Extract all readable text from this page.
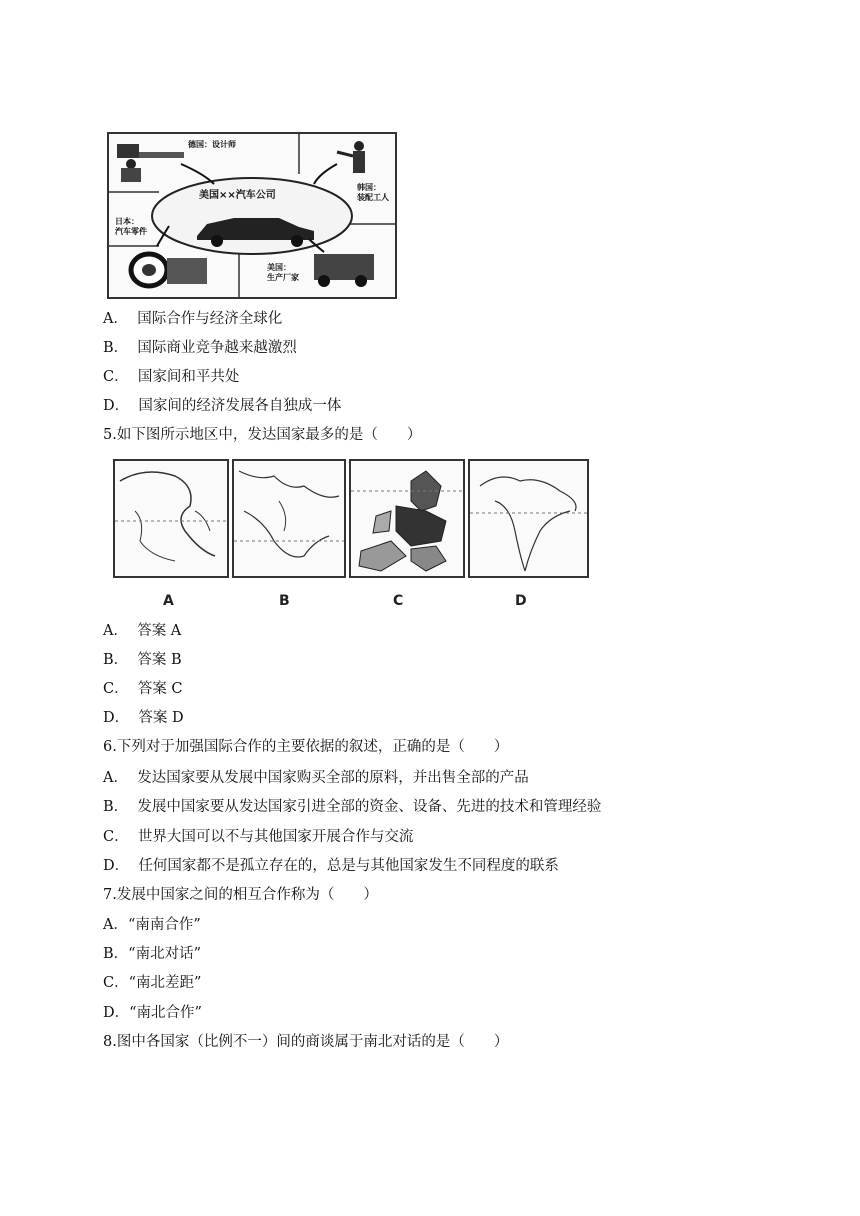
德国：设计师
韩国：
装配工人
日本：
汽车零件
美国：
生产厂家
美国××汽车公司
A． 国际合作与经济全球化
B． 国际商业竞争越来越激烈
C． 国家间和平共处
D． 国家间的经济发展各自独成一体
5.如下图所示地区中，发达国家最多的是（　　）
A	B	C	D
A． 答案 A
B． 答案 B
C． 答案 C
D． 答案 D
6.下列对于加强国际合作的主要依据的叙述，正确的是（　　）
A． 发达国家要从发展中国家购买全部的原料，并出售全部的产品
B． 发展中国家要从发达国家引进全部的资金、设备、先进的技术和管理经验
C． 世界大国可以不与其他国家开展合作与交流
D． 任何国家都不是孤立存在的，总是与其他国家发生不同程度的联系
7.发展中国家之间的相互合作称为（　　）
A．“南南合作”
B．“南北对话”
C．“南北差距”
D．“南北合作”
8.图中各国家（比例不一）间的商谈属于南北对话的是（　　）
